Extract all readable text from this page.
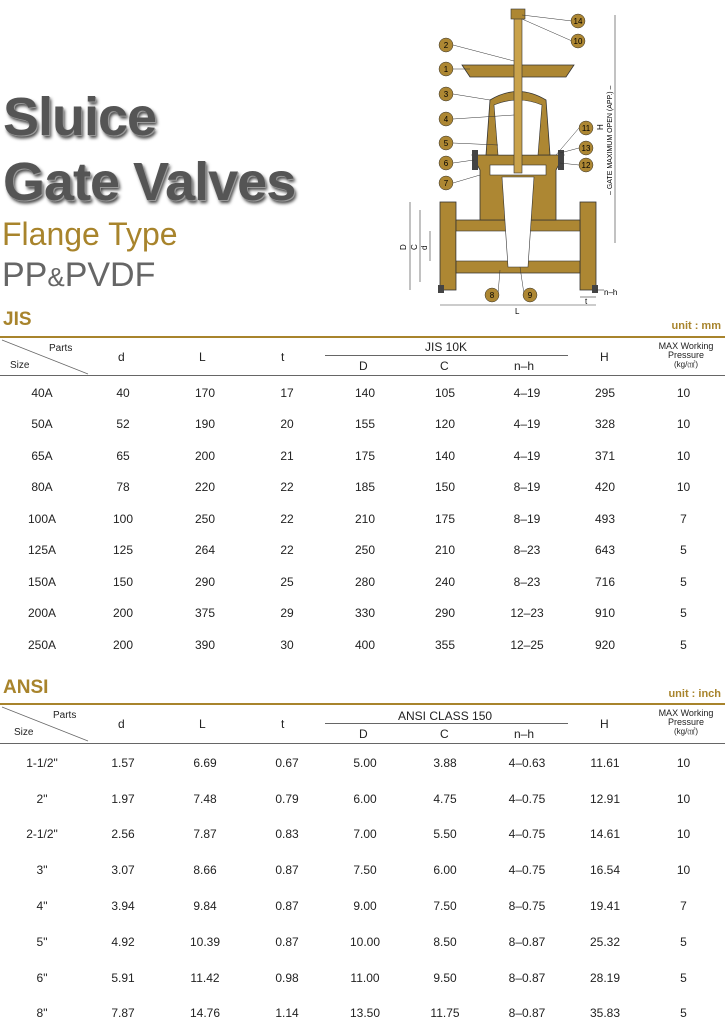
Sluice
Gate Valves
Flange Type
PP&PVDF
H – GATE MAXIMUM OPEN (APP.) –
D C d
L
t
n–h
14
10
2
1
3
4
5
6
7
11
13
12
8	9
JIS	unit : mm
Parts
Size
d	L	t
JIS 10K
D	C	n–h
H
MAX Working
Pressure
(kg/㎠)
40A	40	170	17	140	105	4–19	295	10
50A	52	190	20	155	120	4–19	328	10
65A	65	200	21	175	140	4–19	371	10
80A	78	220	22	185	150	8–19	420	10
100A	100	250	22	210	175	8–19	493	7
125A	125	264	22	250	210	8–23	643	5
150A	150	290	25	280	240	8–23	716	5
200A	200	375	29	330	290	12–23	910	5
250A	200	390	30	400	355	12–25	920	5
ANSI	unit : inch
Parts
Size
d	L	t
ANSI CLASS 150
D	C	n–h
H
MAX Working
Pressure
(kg/㎠)
1-1/2"	1.57	6.69	0.67	5.00	3.88	4–0.63	11.61	10
2"	1.97	7.48	0.79	6.00	4.75	4–0.75	12.91	10
2-1/2"	2.56	7.87	0.83	7.00	5.50	4–0.75	14.61	10
3"	3.07	8.66	0.87	7.50	6.00	4–0.75	16.54	10
4"	3.94	9.84	0.87	9.00	7.50	8–0.75	19.41	7
5"	4.92	10.39	0.87	10.00	8.50	8–0.87	25.32	5
6"	5.91	11.42	0.98	11.00	9.50	8–0.87	28.19	5
8"	7.87	14.76	1.14	13.50	11.75	8–0.87	35.83	5
